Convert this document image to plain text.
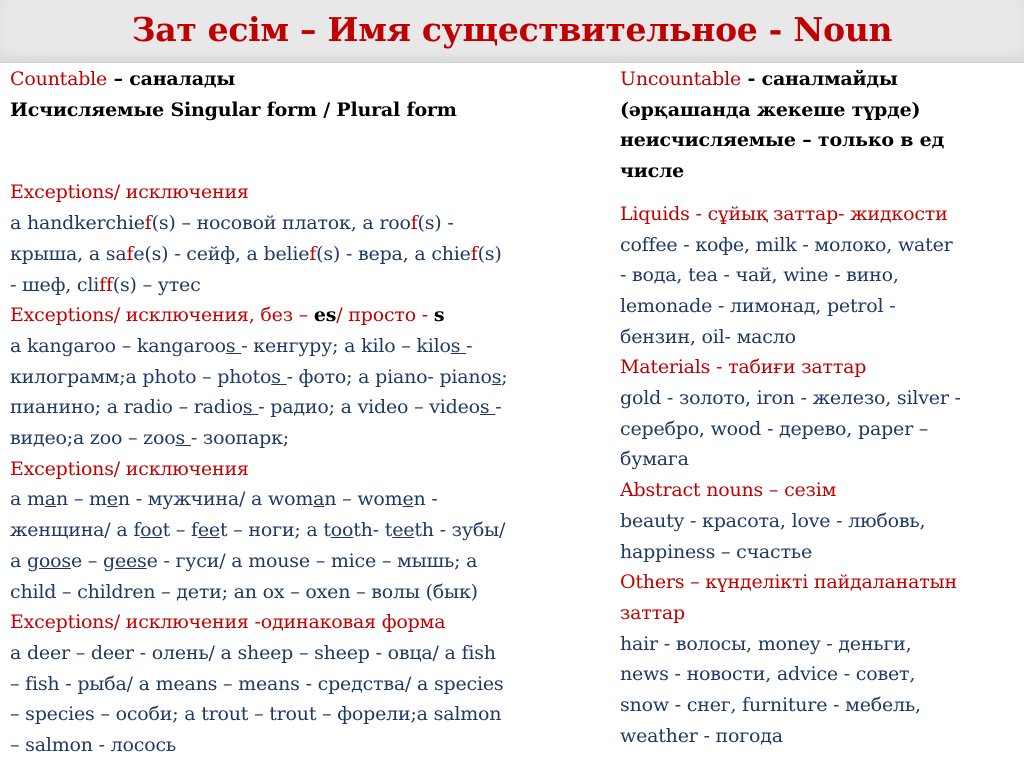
Зат есім – Имя существительное - Noun
Countable – саналады
Исчисляемые Singular form / Plural form
Exceptions/ исключения
a handkerchief(s) – носовой платок, a roof(s) -
крыша, a safe(s) - сейф, a belief(s) - вера, a chief(s)
- шеф, cliff(s) – утес
Exceptions/ исключения, без – es/ просто - s
a kangaroo – kangaroos - кенгуру; a kilo – kilos -
килограмм;a photo – photos - фото; a piano- pianos;
пианино; a radio – radios - радио; a video – videos -
видео;a zoo – zoos - зоопарк;
Exceptions/ исключения
a man – men - мужчина/ a woman – women -
женщина/ a foot – feet – ноги; a tooth- teeth - зубы/
a goose – geese - гуси/ a mouse – mice – мышь; a
child – children – дети; an ox – oxen – волы (бык)
Exceptions/ исключения -одинаковая форма
a deer – deer - олень/ a sheep – sheep - овца/ a fish
– fish - рыба/ a means – means - средства/ a species
– species – особи; a trout – trout – форели;a salmon
– salmon - лосось
Uncountable - саналмайды
(әрқашанда жекеше түрде)
неисчисляемые – только в ед
числе
Liquids - сұйық заттар- жидкости
coffee - кофе, milk - молоко, water
- вода, tea - чай, wine - вино,
lemonade - лимонад, petrol -
бензин, oil- масло
Materials - табиғи заттар
gold - золото, iron - железо, silver -
серебро, wood - дерево, paper –
бумага
Abstract nouns – сезім
beauty - красота, love - любовь,
happiness – счастье
Others – күнделікті пайдаланатын
заттар
hair - волосы, money - деньги,
news - новости, advice - совет,
snow - снег, furniture - мебель,
weather - погода
